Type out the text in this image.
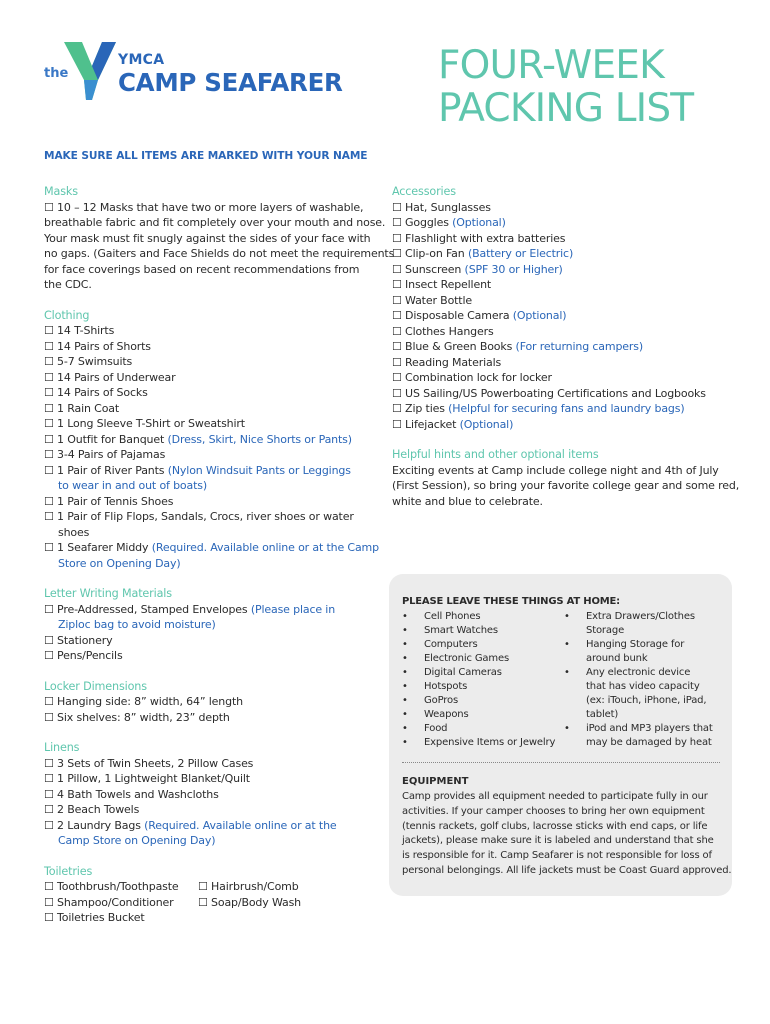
the
YMCA
CAMP SEAFARER FOUR-WEEK
PACKING LIST
MAKE SURE ALL ITEMS ARE MARKED WITH YOUR NAME
Masks
☐ 10 – 12 Masks that have two or more layers of washable,
breathable fabric and fit completely over your mouth and nose.
Your mask must fit snugly against the sides of your face with
no gaps. (Gaiters and Face Shields do not meet the requirements
for face coverings based on recent recommendations from
the CDC.
Clothing
☐ 14 T-Shirts
☐ 14 Pairs of Shorts
☐ 5-7 Swimsuits
☐ 14 Pairs of Underwear
☐ 14 Pairs of Socks
☐ 1 Rain Coat
☐ 1 Long Sleeve T-Shirt or Sweatshirt
☐ 1 Outfit for Banquet (Dress, Skirt, Nice Shorts or Pants)
☐ 3-4 Pairs of Pajamas
☐ 1 Pair of River Pants (Nylon Windsuit Pants or Leggings
to wear in and out of boats)
☐ 1 Pair of Tennis Shoes
☐ 1 Pair of Flip Flops, Sandals, Crocs, river shoes or water
shoes
☐ 1 Seafarer Middy (Required. Available online or at the Camp
Store on Opening Day)
Letter Writing Materials
☐ Pre-Addressed, Stamped Envelopes (Please place in
Ziploc bag to avoid moisture)
☐ Stationery
☐ Pens/Pencils
Locker Dimensions
☐ Hanging side: 8” width, 64” length
☐ Six shelves: 8” width, 23” depth
Linens
☐ 3 Sets of Twin Sheets, 2 Pillow Cases
☐ 1 Pillow, 1 Lightweight Blanket/Quilt
☐ 4 Bath Towels and Washcloths
☐ 2 Beach Towels
☐ 2 Laundry Bags (Required. Available online or at the
Camp Store on Opening Day)
Toiletries
☐ Toothbrush/Toothpaste	☐ Hairbrush/Comb
☐ Shampoo/Conditioner	☐ Soap/Body Wash
☐ Toiletries Bucket
Accessories
☐ Hat, Sunglasses
☐ Goggles (Optional)
☐ Flashlight with extra batteries
☐ Clip-on Fan (Battery or Electric)
☐ Sunscreen (SPF 30 or Higher)
☐ Insect Repellent
☐ Water Bottle
☐ Disposable Camera (Optional)
☐ Clothes Hangers
☐ Blue & Green Books (For returning campers)
☐ Reading Materials
☐ Combination lock for locker
☐ US Sailing/US Powerboating Certifications and Logbooks
☐ Zip ties (Helpful for securing fans and laundry bags)
☐ Lifejacket (Optional)
Helpful hints and other optional items
Exciting events at Camp include college night and 4th of July
(First Session), so bring your favorite college gear and some red,
white and blue to celebrate.
PLEASE LEAVE THESE THINGS AT HOME:
•	Cell Phones
•	Smart Watches
•	Computers
•	Electronic Games
•	Digital Cameras
•	Hotspots
•	GoPros
•	Weapons
•	Food
•	Expensive Items or Jewelry
•	Extra Drawers/Clothes
Storage
•	Hanging Storage for
around bunk
•	Any electronic device
that has video capacity
(ex: iTouch, iPhone, iPad,
tablet)
•	iPod and MP3 players that
may be damaged by heat
EQUIPMENT
Camp provides all equipment needed to participate fully in our
activities. If your camper chooses to bring her own equipment
(tennis rackets, golf clubs, lacrosse sticks with end caps, or life
jackets), please make sure it is labeled and understand that she
is responsible for it. Camp Seafarer is not responsible for loss of
personal belongings. All life jackets must be Coast Guard approved.
